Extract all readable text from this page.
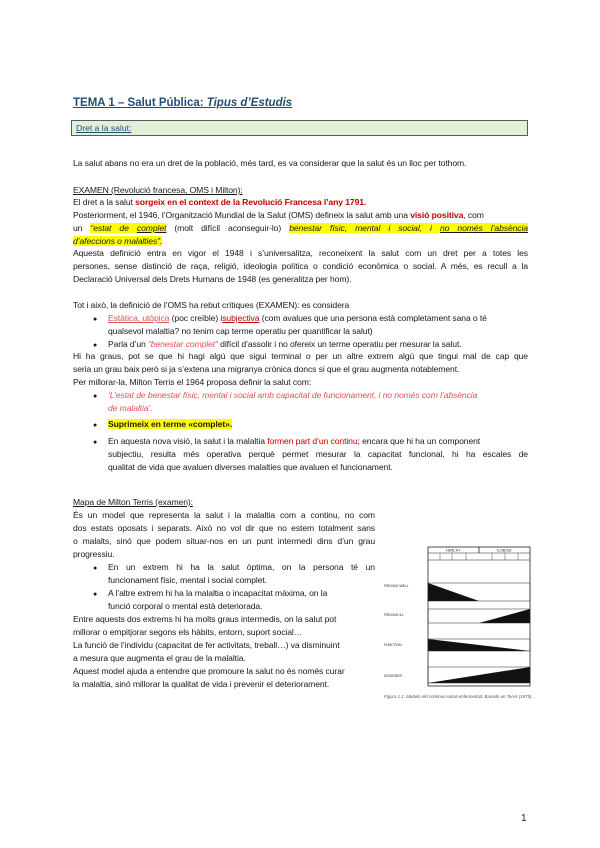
TEMA 1 – Salut Pública: Tipus d’Estudis
Dret a la salut:
La salut abans no era un dret de la població, més tard, es va considerar que la salut és un lloc per tothom.
EXAMEN (Revolució francesa, OMS i Milton):
El dret a la salut sorgeix en el context de la Revolució Francesa l’any 1791.
Posteriorment, el 1946, l’Organització Mundial de la Salut (OMS) defineix la salut amb una visió positiva, com
un “estat de complet (molt difícil aconseguir-lo) benestar físic, mental i social, i no només l’absència
d’afeccions o malalties”.
Aquesta definició entra en vigor el 1948 i s’universalitza, reconeixent la salut com un dret per a totes les
persones, sense distinció de raça, religió, ideologia política o condició econòmica o social. A més, es recull a la
Declaració Universal dels Drets Humans de 1948 (es generalitza per hom).
Tot i això, la definició de l’OMS ha rebut crítiques (EXAMEN): es considera
● Estàtica, utòpica (poc creïble) isubjectiva (com avalues que una persona està completament sana o té
qualsevol malaltia? no tenim cap terme operatiu per quantificar la salut)
● Parla d’un “benestar complet” difícil d’assolir i no ofereix un terme operatiu per mesurar la salut.
Hi ha graus, pot se que hi hagi algú que sigui terminal o per un altre extrem algú que tingui mal de cap que
seria un grau baix però si ja s’extena una migranya crònica doncs si que el grau augmenta notablement.
Per millorar-la, Milton Terris el 1964 proposa definir la salut com:
● ‘L’estat de benestar físic, mental i social amb capacitat de funcionament, i no només com l’absència
de malaltia’.
● Suprimeix en terme «complet».
● En aquesta nova visió, la salut i la malaltia formen part d’un continu; encara que hi ha un component
subjectiu, resulta més operativa perquè permet mesurar la capacitat funcional, hi ha escales de
qualitat de vida que avaluen diverses malalties que avaluen el funcionament.
Mapa de Milton Terris (examen):
És un model que representa la salut i la malaltia com a continu, no com
dos estats oposats i separats. Això no vol dir que no estem totalment sans
o malalts, sinó que podem situar-nos en un punt intermedi dins d’un grau
progressiu.
● En un extrem hi ha la salut òptima, on la persona té un
funcionament físic, mental i social complet.
● A l’altre extrem hi ha la malaltia o incapacitat màxima, on la
funció corporal o mental està deteriorada.
Entre aquests dos extrems hi ha molts graus intermedis, on la salut pot
millorar o empitjorar segons els hàbits, entorn, suport social…
La funció de l’individu (capacitat de fer activitats, treball…) va disminuint
a mesura que augmenta el grau de la malaltia.
Aquest model ajuda a entendre que promoure la salut no és només curar
la malaltia, sinó millorar la qualitat de vida i prevenir el deteriorament.
HEALTH	ILLNESS
FEELING WELL
FEELING ILL
FUNCTION
DISORDER
Figura 1.1. Modelo del continuo salud-enfermedad. Basado en Terris (1975).
1
